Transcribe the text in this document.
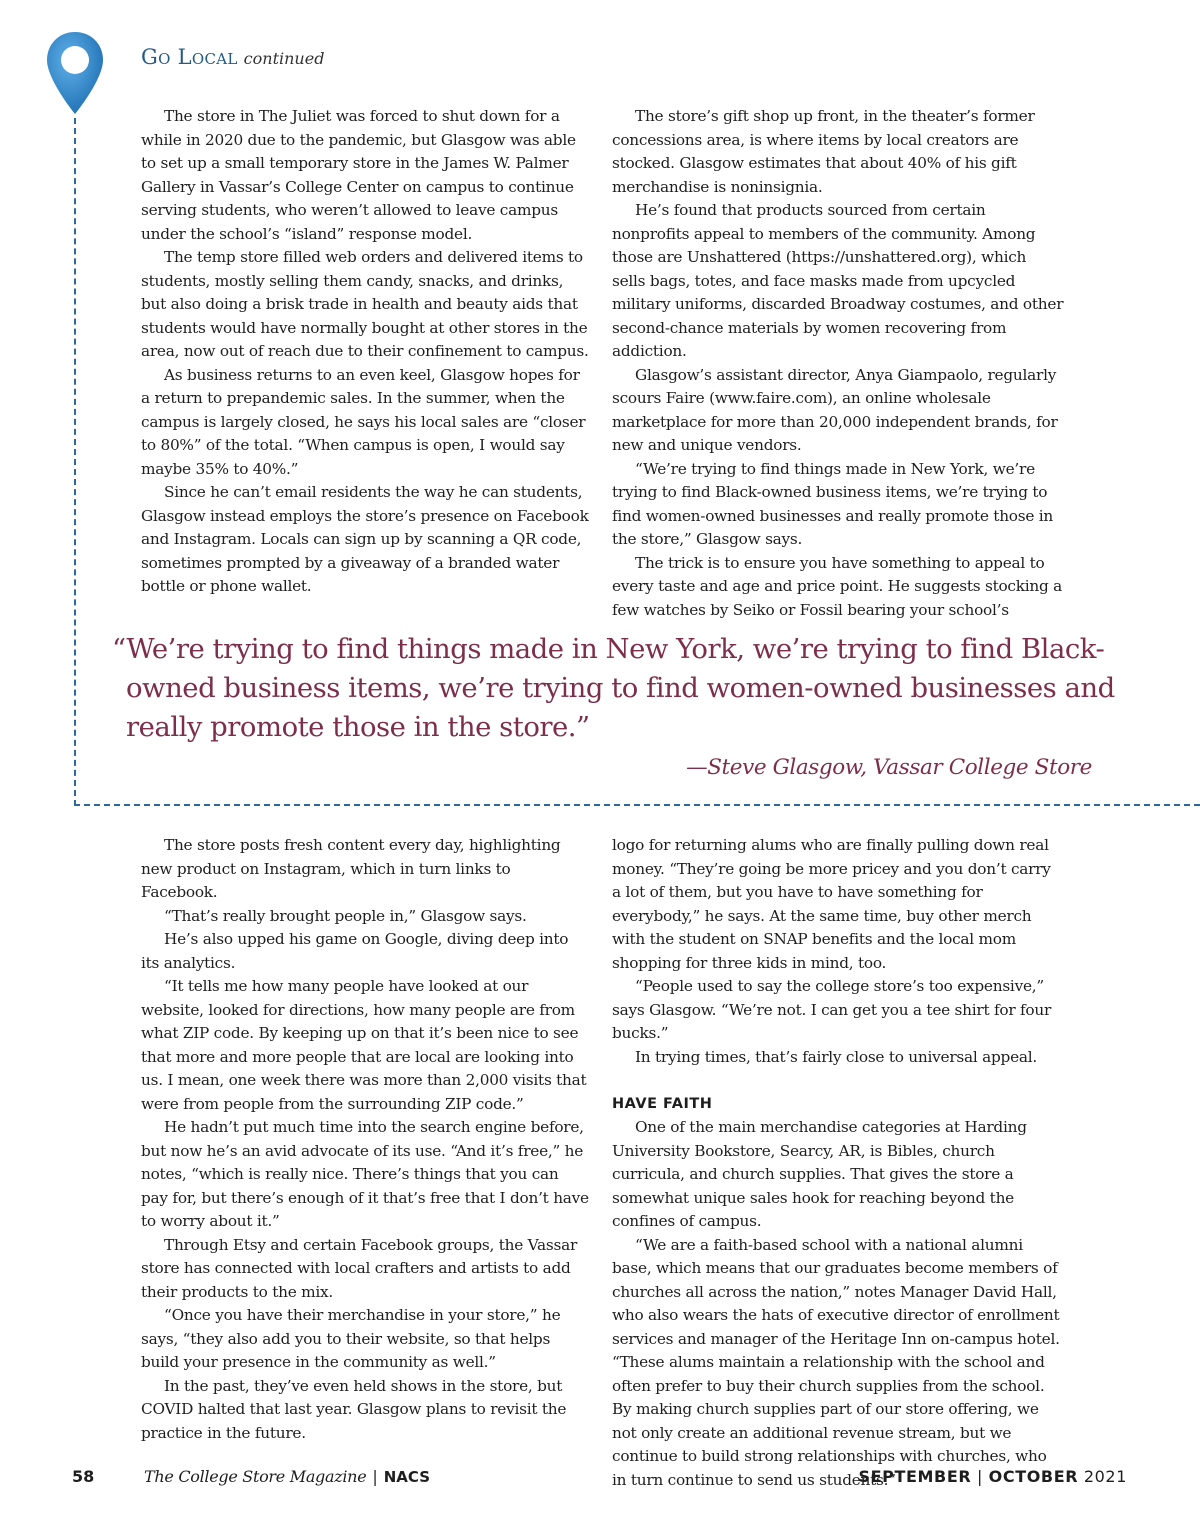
Go Local continued

The store in The Juliet was forced to shut down for a while in 2020 due to the pandemic, but Glasgow was able to set up a small temporary store in the James W. Palmer Gallery in Vassar’s College Center on campus to continue serving students, who weren’t allowed to leave campus under the school’s “island” response model.

The temp store filled web orders and delivered items to students, mostly selling them candy, snacks, and drinks, but also doing a brisk trade in health and beauty aids that students would have normally bought at other stores in the area, now out of reach due to their confinement to campus.

As business returns to an even keel, Glasgow hopes for a return to prepandemic sales. In the summer, when the campus is largely closed, he says his local sales are “closer to 80%” of the total. “When campus is open, I would say maybe 35% to 40%.”

Since he can’t email residents the way he can students, Glasgow instead employs the store’s presence on Facebook and Instagram. Locals can sign up by scanning a QR code, sometimes prompted by a giveaway of a branded water bottle or phone wallet.

The store’s gift shop up front, in the theater’s former concessions area, is where items by local creators are stocked. Glasgow estimates that about 40% of his gift merchandise is noninsignia.

He’s found that products sourced from certain nonprofits appeal to members of the community. Among those are Unshattered (https://unshattered.org), which sells bags, totes, and face masks made from upcycled military uniforms, discarded Broadway costumes, and other second-chance materials by women recovering from addiction.

Glasgow’s assistant director, Anya Giampaolo, regularly scours Faire (www.faire.com), an online wholesale marketplace for more than 20,000 independent brands, for new and unique vendors.

“We’re trying to find things made in New York, we’re trying to find Black-owned business items, we’re trying to find women-owned businesses and really promote those in the store,” Glasgow says.

The trick is to ensure you have something to appeal to every taste and age and price point. He suggests stocking a few watches by Seiko or Fossil bearing your school’s

“We’re trying to find things made in New York, we’re trying to find Black-owned business items, we’re trying to find women-owned businesses and really promote those in the store.”

—Steve Glasgow, Vassar College Store

The store posts fresh content every day, highlighting new product on Instagram, which in turn links to Facebook.

“That’s really brought people in,” Glasgow says.

He’s also upped his game on Google, diving deep into its analytics.

“It tells me how many people have looked at our website, looked for directions, how many people are from what ZIP code. By keeping up on that it’s been nice to see that more and more people that are local are looking into us. I mean, one week there was more than 2,000 visits that were from people from the surrounding ZIP code.”

He hadn’t put much time into the search engine before, but now he’s an avid advocate of its use. “And it’s free,” he notes, “which is really nice. There’s things that you can pay for, but there’s enough of it that’s free that I don’t have to worry about it.”

Through Etsy and certain Facebook groups, the Vassar store has connected with local crafters and artists to add their products to the mix.

“Once you have their merchandise in your store,” he says, “they also add you to their website, so that helps build your presence in the community as well.”

In the past, they’ve even held shows in the store, but COVID halted that last year. Glasgow plans to revisit the practice in the future.

logo for returning alums who are finally pulling down real money. “They’re going be more pricey and you don’t carry a lot of them, but you have to have something for everybody,” he says. At the same time, buy other merch with the student on SNAP benefits and the local mom shopping for three kids in mind, too.

“People used to say the college store’s too expensive,” says Glasgow. “We’re not. I can get you a tee shirt for four bucks.”

In trying times, that’s fairly close to universal appeal.

HAVE FAITH

One of the main merchandise categories at Harding University Bookstore, Searcy, AR, is Bibles, church curricula, and church supplies. That gives the store a somewhat unique sales hook for reaching beyond the confines of campus.

“We are a faith-based school with a national alumni base, which means that our graduates become members of churches all across the nation,” notes Manager David Hall, who also wears the hats of executive director of enrollment services and manager of the Heritage Inn on-campus hotel. “These alums maintain a relationship with the school and often prefer to buy their church supplies from the school. By making church supplies part of our store offering, we not only create an additional revenue stream, but we continue to build strong relationships with churches, who in turn continue to send us students.”

58	The College Store Magazine | NACS	SEPTEMBER | OCTOBER 2021
